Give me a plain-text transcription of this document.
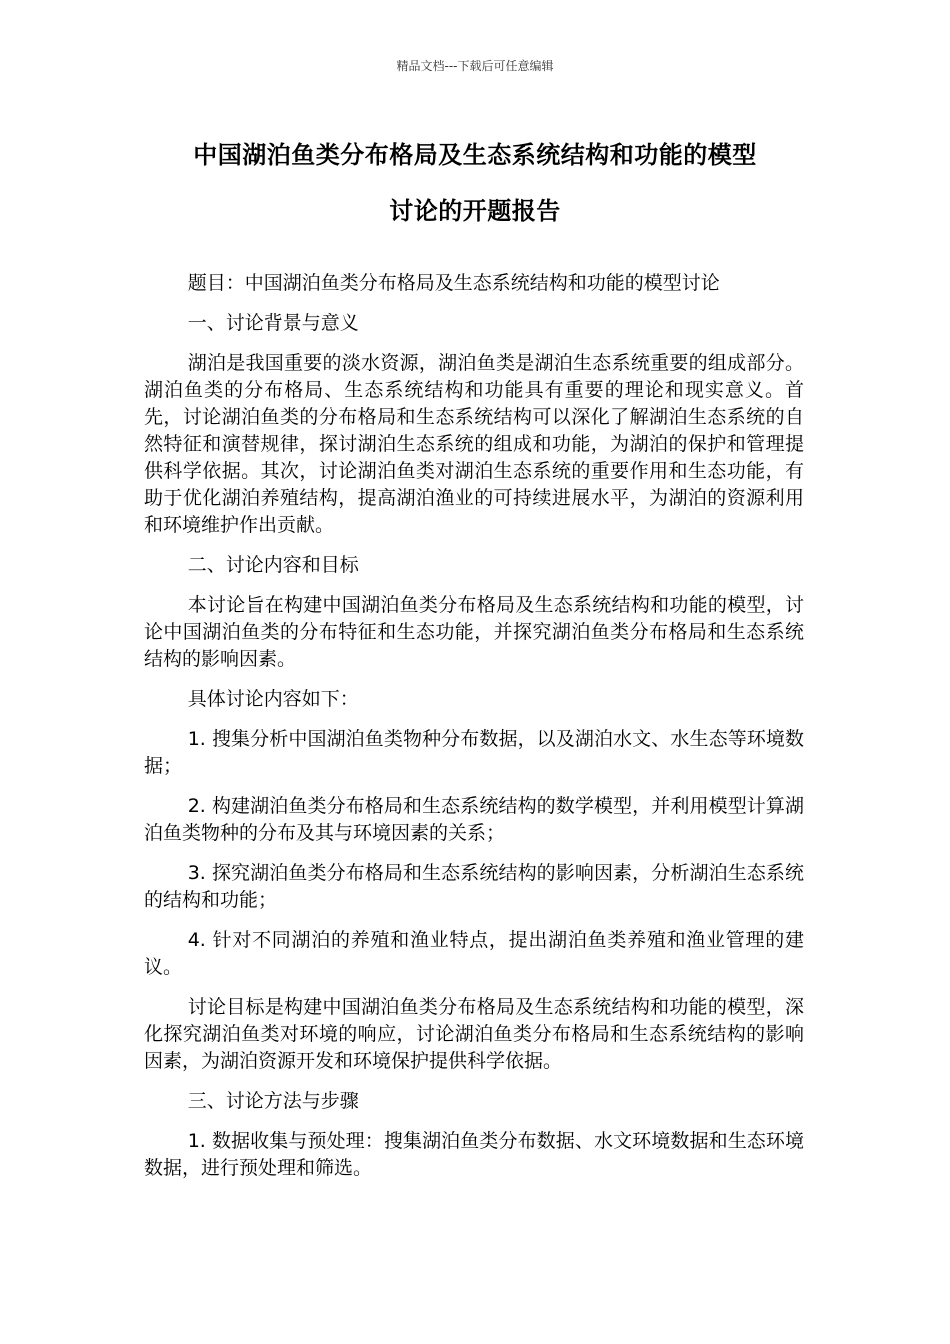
精品文档---下载后可任意编辑
中国湖泊鱼类分布格局及生态系统结构和功能的模型
讨论的开题报告

题目：中国湖泊鱼类分布格局及生态系统结构和功能的模型讨论

一、讨论背景与意义

湖泊是我国重要的淡水资源，湖泊鱼类是湖泊生态系统重要的组成部分。湖泊鱼类的分布格局、生态系统结构和功能具有重要的理论和现实意义。首先，讨论湖泊鱼类的分布格局和生态系统结构可以深化了解湖泊生态系统的自然特征和演替规律，探讨湖泊生态系统的组成和功能，为湖泊的保护和管理提供科学依据。其次，讨论湖泊鱼类对湖泊生态系统的重要作用和生态功能，有助于优化湖泊养殖结构，提高湖泊渔业的可持续进展水平，为湖泊的资源利用和环境维护作出贡献。

二、讨论内容和目标

本讨论旨在构建中国湖泊鱼类分布格局及生态系统结构和功能的模型，讨论中国湖泊鱼类的分布特征和生态功能，并探究湖泊鱼类分布格局和生态系统结构的影响因素。

具体讨论内容如下：

1. 搜集分析中国湖泊鱼类物种分布数据，以及湖泊水文、水生态等环境数据；

2. 构建湖泊鱼类分布格局和生态系统结构的数学模型，并利用模型计算湖泊鱼类物种的分布及其与环境因素的关系；

3. 探究湖泊鱼类分布格局和生态系统结构的影响因素，分析湖泊生态系统的结构和功能；

4. 针对不同湖泊的养殖和渔业特点，提出湖泊鱼类养殖和渔业管理的建议。

讨论目标是构建中国湖泊鱼类分布格局及生态系统结构和功能的模型，深化探究湖泊鱼类对环境的响应，讨论湖泊鱼类分布格局和生态系统结构的影响因素，为湖泊资源开发和环境保护提供科学依据。

三、讨论方法与步骤

1. 数据收集与预处理：搜集湖泊鱼类分布数据、水文环境数据和生态环境数据，进行预处理和筛选。
